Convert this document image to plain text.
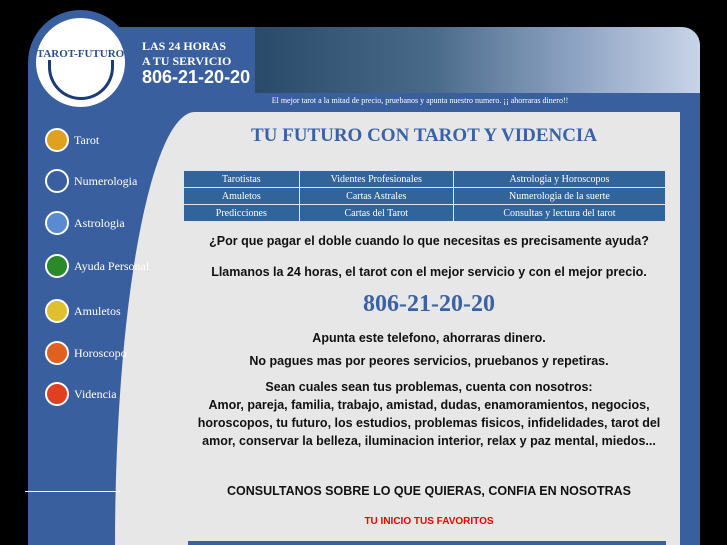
TAROT-FUTURO
LAS 24 HORAS
A TU SERVICIO
806-21-20-20
El mejor tarot a la mitad de precio, pruebanos y apunta nuestro numero. ¡¡ ahorraras dinero!!
Tarot
Numerologia
Astrologia
Ayuda Personal
Amuletos
Horoscopo
Videncia
TU FUTURO CON TAROT Y VIDENCIA
Tarotistas	Videntes Profesionales	Astrologia y Horoscopos
Amuletos	Cartas Astrales	Numerologia de la suerte
Predicciones	Cartas del Tarot	Consultas y lectura del tarot
¿Por que pagar el doble cuando lo que necesitas es precisamente ayuda?
Llamanos la 24 horas, el tarot con el mejor servicio y con el mejor precio.
806-21-20-20
Apunta este telefono, ahorraras dinero.
No pagues mas por peores servicios, pruebanos y repetiras.
Sean cuales sean tus problemas, cuenta con nosotros:
Amor, pareja, familia, trabajo, amistad, dudas, enamoramientos, negocios, horoscopos, tu futuro, los estudios, problemas fisicos, infidelidades, tarot del amor, conservar la belleza, iluminacion interior, relax y paz mental, miedos...
CONSULTANOS SOBRE LO QUE QUIERAS, CONFIA EN NOSOTRAS
TU INICIO TUS FAVORITOS
